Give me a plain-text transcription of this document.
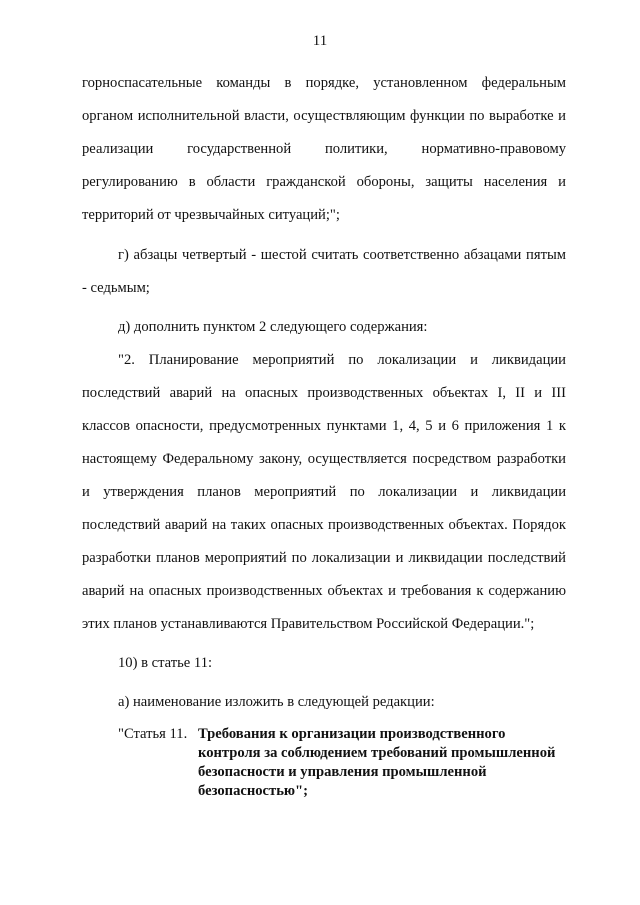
11

горноспасательные команды в порядке, установленном федеральным органом исполнительной власти, осуществляющим функции по выработке и реализации государственной политики, нормативно-правовому регулированию в области гражданской обороны, защиты населения и территорий от чрезвычайных ситуаций;";

г) абзацы четвертый - шестой считать соответственно абзацами пятым - седьмым;

д) дополнить пунктом 2 следующего содержания:

"2. Планирование мероприятий по локализации и ликвидации последствий аварий на опасных производственных объектах I, II и III классов опасности, предусмотренных пунктами 1, 4, 5 и 6 приложения 1 к настоящему Федеральному закону, осуществляется посредством разработки и утверждения планов мероприятий по локализации и ликвидации последствий аварий на таких опасных производственных объектах. Порядок разработки планов мероприятий по локализации и ликвидации последствий аварий на опасных производственных объектах и требования к содержанию этих планов устанавливаются Правительством Российской Федерации.";

10) в статье 11:

а) наименование изложить в следующей редакции:

"Статья 11. Требования к организации производственного контроля за соблюдением требований промышленной безопасности и управления промышленной безопасностью";
